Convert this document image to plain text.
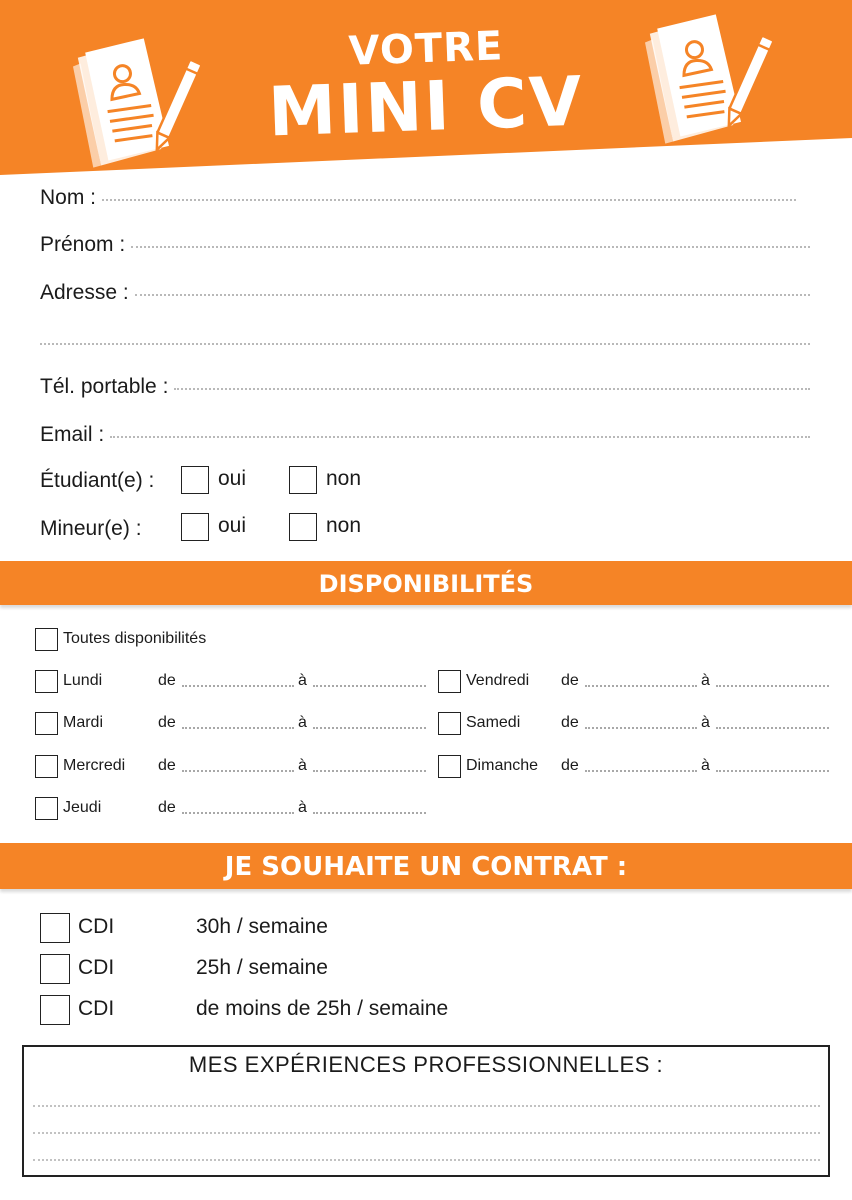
VOTRE
MINI CV
Nom :
Prénom :
Adresse :
Tél. portable :
Email :
Étudiant(e) :	oui	non
Mineur(e) :	oui	non
DISPONIBILITÉS
Toutes disponibilités
Lundi	de	à
Mardi	de	à
Mercredi de	à
Jeudi	de	à
Vendredi de	à
Samedi	de	à
Dimanche de	à
JE SOUHAITE UN CONTRAT :
CDI	30h / semaine
CDI	25h / semaine
CDI	de moins de 25h / semaine
MES EXPÉRIENCES PROFESSIONNELLES :
